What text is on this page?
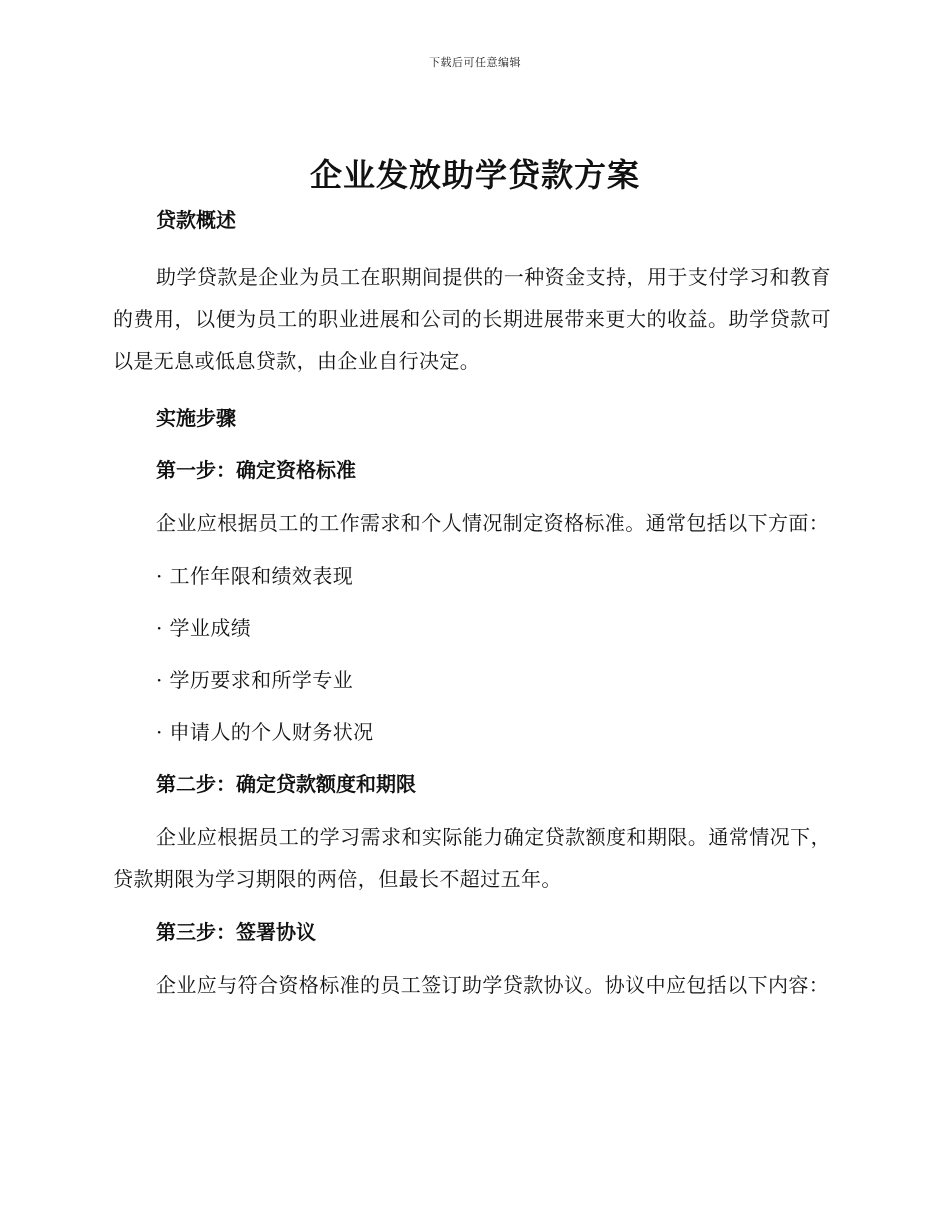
下载后可任意编辑
企业发放助学贷款方案
贷款概述

助学贷款是企业为员工在职期间提供的一种资金支持，用于支付学习和教育的费用，以便为员工的职业进展和公司的长期进展带来更大的收益。助学贷款可以是无息或低息贷款，由企业自行决定。

实施步骤
第一步：确定资格标准

企业应根据员工的工作需求和个人情况制定资格标准。通常包括以下方面：

· 工作年限和绩效表现
· 学业成绩
· 学历要求和所学专业
· 申请人的个人财务状况
第二步：确定贷款额度和期限

企业应根据员工的学习需求和实际能力确定贷款额度和期限。通常情况下，贷款期限为学习期限的两倍，但最长不超过五年。

第三步：签署协议

企业应与符合资格标准的员工签订助学贷款协议。协议中应包括以下内容：
